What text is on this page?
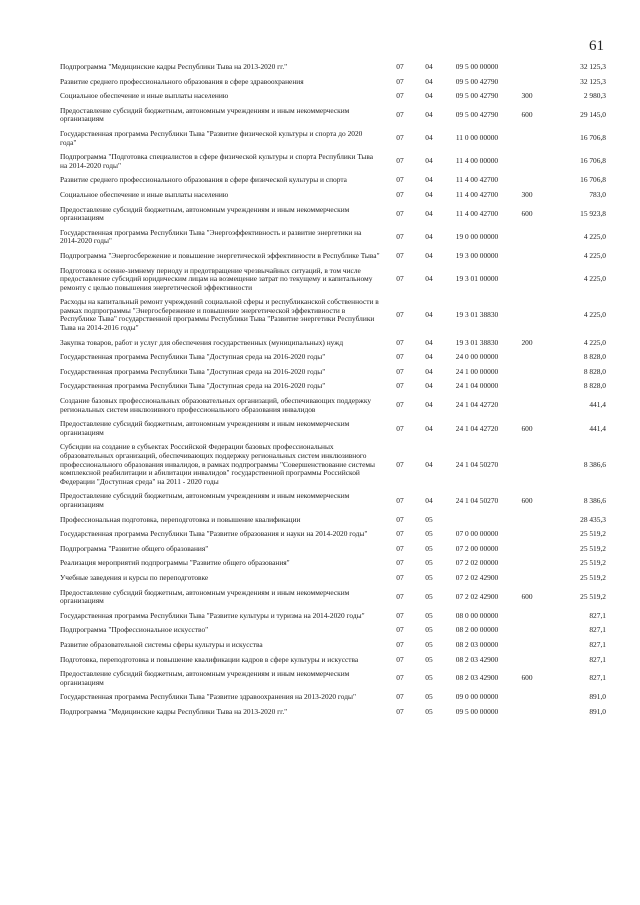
61
Подпрограмма "Медицинские кадры Республики Тыва на 2013-2020 гг."	07	04	09 5 00 00000	32 125,3
Развитие среднего профессионального образования в сфере здравоохранения	07	04	09 5 00 42790	32 125,3
Социальное обеспечение и иные выплаты населению	07	04	09 5 00 42790	300	2 980,3
Предоставление субсидий бюджетным, автономным учреждениям и иным некоммерческим организациям	07	04	09 5 00 42790	600	29 145,0
Государственная программа Республики Тыва "Развитие физической культуры и спорта до 2020 года"	07	04	11 0 00 00000	16 706,8
Подпрограмма "Подготовка специалистов в сфере физической культуры и спорта Республики Тыва на 2014-2020 годы"	07	04	11 4 00 00000	16 706,8
Развитие среднего профессионального образования в сфере физической культуры и спорта	07	04	11 4 00 42700	16 706,8
Социальное обеспечение и иные выплаты населению	07	04	11 4 00 42700	300	783,0
Предоставление субсидий бюджетным, автономным учреждениям и иным некоммерческим организациям	07	04	11 4 00 42700	600	15 923,8
Государственная программа Республики Тыва "Энергоэффективность и развитие энергетики на 2014-2020 годы"	07	04	19 0 00 00000	4 225,0
Подпрограмма "Энергосбережение и повышение энергетической эффективности в Республике Тыва"	07	04	19 3 00 00000	4 225,0
Подготовка к осенне-зимнему периоду и предотвращение чрезвычайных ситуаций, в том числе предоставление субсидий юридическим лицам на возмещение затрат по текущему и капитальному ремонту с целью повышения энергетической эффективности
07	04	19 3 01 00000	4 225,0
Расходы на капитальный ремонт учреждений социальной сферы и республиканской собственности в рамках подпрограммы "Энергосбережение и повышение энергетической эффективности в Республике Тыва" государственной программы Республики Тыва "Развитие энергетики Республики Тыва на 2014-2016 годы"
07	04	19 3 01 38830	4 225,0
Закупка товаров, работ и услуг для обеспечения государственных (муниципальных) нужд	07	04	19 3 01 38830	200	4 225,0
Государственная программа Республики Тыва "Доступная среда на 2016-2020 годы"	07	04	24 0 00 00000	8 828,0
Государственная программа Республики Тыва "Доступная среда на 2016-2020 годы"	07	04	24 1 00 00000	8 828,0
Государственная программа Республики Тыва "Доступная среда на 2016-2020 годы"	07	04	24 1 04 00000	8 828,0
Создание базовых профессиональных образовательных организаций, обеспечивающих поддержку региональных систем инклюзивного профессионального образования инвалидов	07	04	24 1 04 42720	441,4
Предоставление субсидий бюджетным, автономным учреждениям и иным некоммерческим организациям	07	04	24 1 04 42720	600	441,4
Субсидии на создание в субъектах Российской Федерации базовых профессиональных образовательных организаций, обеспечивающих поддержку региональных систем инклюзивного профессионального образования инвалидов, в рамках подпрограммы "Совершенствование системы комплексной реабилитации и абилитации инвалидов" государственной программы Российской Федерации "Доступная среда" на 2011 - 2020 годы
07	04	24 1 04 50270	8 386,6
Предоставление субсидий бюджетным, автономным учреждениям и иным некоммерческим организациям	07	04	24 1 04 50270	600	8 386,6
Профессиональная подготовка, переподготовка и повышение квалификации	07	05	28 435,3
Государственная программа Республики Тыва "Развитие образования и науки на 2014-2020 годы"	07	05	07 0 00 00000	25 519,2
Подпрограмма "Развитие общего образования"	07	05	07 2 00 00000	25 519,2
Реализация мероприятий подпрограммы "Развитие общего образования"	07	05	07 2 02 00000	25 519,2
Учебные заведения и курсы по переподготовке	07	05	07 2 02 42900	25 519,2
Предоставление субсидий бюджетным, автономным учреждениям и иным некоммерческим организациям	07	05	07 2 02 42900	600	25 519,2
Государственная программа Республики Тыва "Развитие культуры и туризма на 2014-2020 годы"	07	05	08 0 00 00000	827,1
Подпрограмма "Профессиональное искусство"	07	05	08 2 00 00000	827,1
Развитие образовательной системы сферы культуры и искусства	07	05	08 2 03 00000	827,1
Подготовка, переподготовка и повышение квалификации кадров в сфере культуры и искусства	07	05	08 2 03 42900	827,1
Предоставление субсидий бюджетным, автономным учреждениям и иным некоммерческим организациям	07	05	08 2 03 42900	600	827,1
Государственная программа Республики Тыва "Развитие здравоохранения на 2013-2020 годы"	07	05	09 0 00 00000	891,0
Подпрограмма "Медицинские кадры Республики Тыва на 2013-2020 гг."	07	05	09 5 00 00000	891,0
